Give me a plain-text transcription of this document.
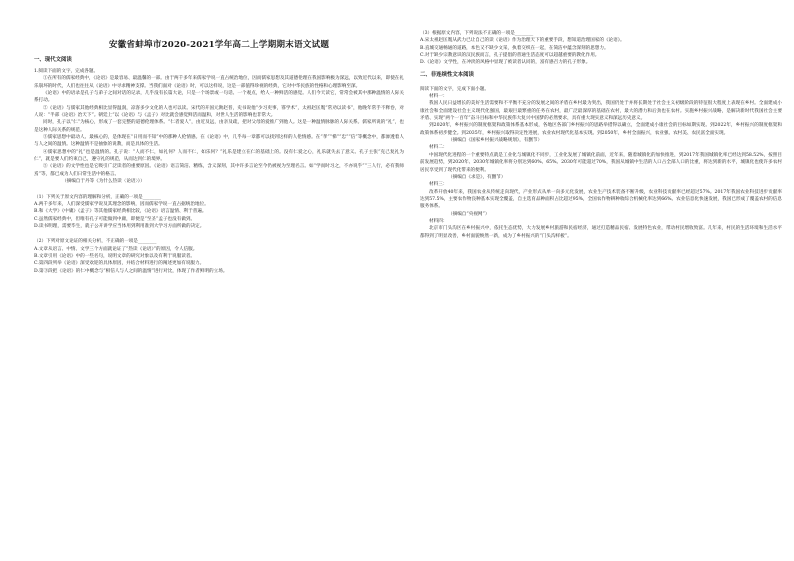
安徽省蚌埠市2020-2021学年高二上学期期末语文试题
一、现代文阅读

1.阅读下面的文字，完成各题。

①在所有的儒家经典中，《论语》是最容易、最温馨的一部。由于两千多年来儒家学说一直占统治地位，因而儒家思想及其道德伦理在我国影响极为深远，以致近代以来，即使在礼乐崩坏的时代，人们也往往从《论语》中寻求精神支撑。当我们面对《论语》时，可以这样说，这是一部值得珍视的经典，它对中华民族的性格和心理影响至深。

《论语》中的语录是孔子与弟子之间对话的记录，几乎没有长篇大论，只是一个场景或一句话、一个观点，给人一种鲜活的感觉。人们今天读它，常常会被其中那种温情的人际关系打动。

②《论语》与儒家其他经典相比显得温润，凉客多少文化的人也可以读。宋代的开国元勋赵普，史书说他“少习吏事，寡学术”，太祖赵匡胤“常劝以读书”，他晚年常手不释卷，对人说：“半部《论语》治天下”。朝廷上“以《论语》与《孟子》对比就会感觉鲜活而温和，对世人生活的影响也非常大。

同时，孔子以“仁”为核心，形成了一套完整的道德伦理体系。“仁者爱人”，由近及远，由亲及疏，把对父母的爱推广到他人。这是一种温情脉脉的人际关系。儒家所说的“礼”，也是这种人际关系的规范。

③儒家思想中最动人、最核心的，是体现在“日用而不知”中的那种人伦情感。在《论语》中，几乎每一章都可以找到这样的人伦情感。在“孝”“悌”“忠”“信”等概念中，都渗透着人与人之间的温情。这种温情不是抽象的说教，而是具体的生活。

④儒家思想中的“礼”也是温情的。孔子说：“人而不仁，如礼何？人而不仁，如乐何？”礼乐是建立在仁的基础上的。没有仁爱之心，礼乐就失去了意义。孔子主张“克己复礼为仁”，就是要人们约束自己，遵守礼的规范，从而达到仁的境界。

⑤《论语》的文学性也是它吸引广泛读者的重要原因。《论语》语言简洁、精练，含义深刻，其中许多言论至今仍被视为至理名言。如“学而时习之，不亦说乎”“三人行，必有我师焉”等，都已成为人们日常生活中的格言。

（摘编自于丹等《为什么热读〈论语〉》）

（1）下列关于原文内容的理解和分析，正确的一项是________

A.两千多年来，人们深受儒家学说及其理念的影响，因而儒家学说一直占据统治地位。

B.和《大学》《中庸》《孟子》等其他儒家经典相比较，《论语》语言温情、利于普遍。

C.虽然儒家经典中，但唯有孔子可能做到中庸，即便是“至圣”孟子也没有做到。

D.读书明理，需要毕生，就子公开讲学应当体用到利用准到大学习方面所做的决定。

（2）下列对原文论证的相关分析，不正确的一项是________

A.文章从语言、中情、文学三个方面就论证了“热读《论语》”的原因，令人信服。

B.文章引用《论语》中的一些名句，说明文章的研究对象以及有利于说服读者。

C.第四段列举《论语》深受欢迎的具体原因，并结合材料进行的阐述更加有说服力。

D.第③段把《论语》的仁中概念与“相信人与人之间的温情”进行对比，体现了作者鲜明的立场。

（3）根据原文内容，下列说法不正确的一项是________

A.宋太祖赵匡胤从武力已让自己的读《论语》作为治理天下的重要手段，想知道治理国家的《论语》。

B.直城交通畅通的道路，本色又不缺少文采，执着交织在一起，在简洁中蕴含深刻的思想力。

C.对于缺少宗教意识的汉民族而言，孔子提倡的普通生活态度可以超越重要的教化作用。

D.《论语》文学性，在冲淡的风格中显现了被读者认同的，富有感召力的孔子形象。

二、非连续性文本阅读

阅读下面的文字，完成下面小题。

材料一：

我国人民日益增长的美好生活需要和不平衡不充分的发展之间的矛盾在乡村最为突出，我国仍处于并将长期处于社会主义初级阶段的特征很大程度上表现在乡村。全面建成小康社会和全面建设社会主义现代化强国，最艰巨最繁重的任务在农村，最广泛最深厚的基础在农村，最大的潜力和后劲也在农村。实施乡村振兴战略，是解决新时代我国社会主要矛盾、实现“两个一百年”奋斗目标和中华民族伟大复兴中国梦的必然要求，具有重大现实意义和深远历史意义。

到2020年，乡村振兴的制度框架和政策体系基本形成，各地区各部门乡村振兴的思路举措得以确立，全面建成小康社会的目标如期实现。到2022年，乡村振兴的制度框架和政策体系初步健全。到2035年，乡村振兴取得决定性进展，农业农村现代化基本实现。到2050年，乡村全面振兴，农业强、农村美、农民富全面实现。

（摘编自《国家乡村振兴战略规划》，有删节）

材料二：

中国现代化进程的一个重要特点就是工业化与城镇化不同步，工业化发展了城镇化前面，近年来，随着城镇化的加快推进，到2017年我国城镇化率已经达到58.52%，按照目前发展趋势，到2020年、2030年城镇化率将分别达到60%、65%。2030年可能超过70%，我国从城镇中生活的人口占全部人口的比重，将达到新的水平，城镇化也使许多农村居民享受到了现代化带来的便利。

（摘编自《求是》，有删节）

材料三：

改革开放40年来，我国农业从传统走向现代，产业形式从单一向多元化发展，农业生产技术装备不断升级，农业科技贡献率已经超过57%。2017年我国农业科技进步贡献率达到57.5%，主要农作物良种基本实现全覆盖，自主选育品种面积占比超过95%，全国农作物耕种收综合机械化率达到66%。农业信息化快速发展，我国已形成了覆盖农村的信息服务体系。

（摘编自“央视网”）

材料四：

北京市门头沟区在乡村振兴中，依托生态优势，大力发展乡村旅游和民宿经济，通过打造精品民宿、发展特色农业，带动村民增收致富。几年来，村民的生活环境和生活水平都得到了明显改善，乡村面貌焕然一新，成为了乡村振兴的“门头沟样板”。
